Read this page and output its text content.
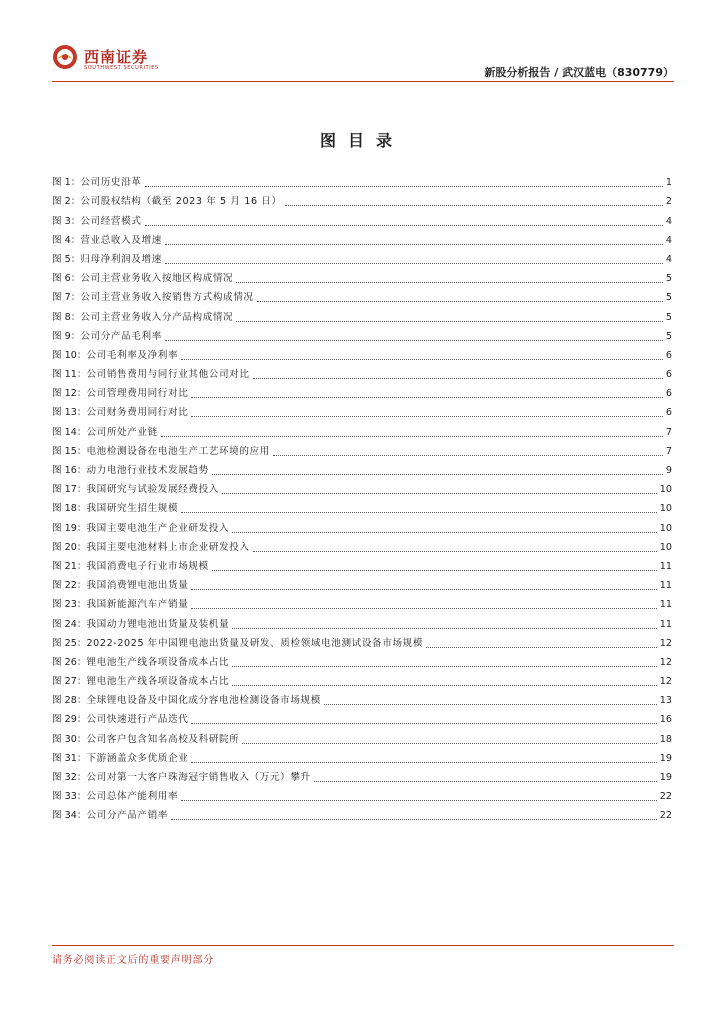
西南证券
SOUTHWEST SECURITIES	新股分析报告 / 武汉蓝电（830779）
图目录
图 1： 公司历史沿革	1
图 2： 公司股权结构（截至 2023 年 5 月 16 日）	2
图 3： 公司经营模式	4
图 4： 营业总收入及增速	4
图 5： 归母净利润及增速	4
图 6： 公司主营业务收入按地区构成情况	5
图 7： 公司主营业务收入按销售方式构成情况	5
图 8： 公司主营业务收入分产品构成情况	5
图 9： 公司分产品毛利率	5
图 10： 公司毛利率及净利率	6
图 11： 公司销售费用与同行业其他公司对比	6
图 12： 公司管理费用同行对比	6
图 13： 公司财务费用同行对比	6
图 14： 公司所处产业链	7
图 15： 电池检测设备在电池生产工艺环境的应用	7
图 16： 动力电池行业技术发展趋势	9
图 17： 我国研究与试验发展经费投入	10
图 18： 我国研究生招生规模	10
图 19： 我国主要电池生产企业研发投入	10
图 20： 我国主要电池材料上市企业研发投入	10
图 21： 我国消费电子行业市场规模	11
图 22： 我国消费锂电池出货量	11
图 23： 我国新能源汽车产销量	11
图 24： 我国动力锂电池出货量及装机量	11
图 25： 2022-2025 年中国锂电池出货量及研发、质检领域电池测试设备市场规模	12
图 26： 锂电池生产线各项设备成本占比	12
图 27： 锂电池生产线各项设备成本占比	12
图 28： 全球锂电设备及中国化成分容电池检测设备市场规模	13
图 29： 公司快速进行产品迭代	16
图 30： 公司客户包含知名高校及科研院所	18
图 31： 下游涵盖众多优质企业	19
图 32： 公司对第一大客户珠海冠宇销售收入（万元）攀升	19
图 33： 公司总体产能利用率	22
图 34： 公司分产品产销率	22
请务必阅读正文后的重要声明部分
